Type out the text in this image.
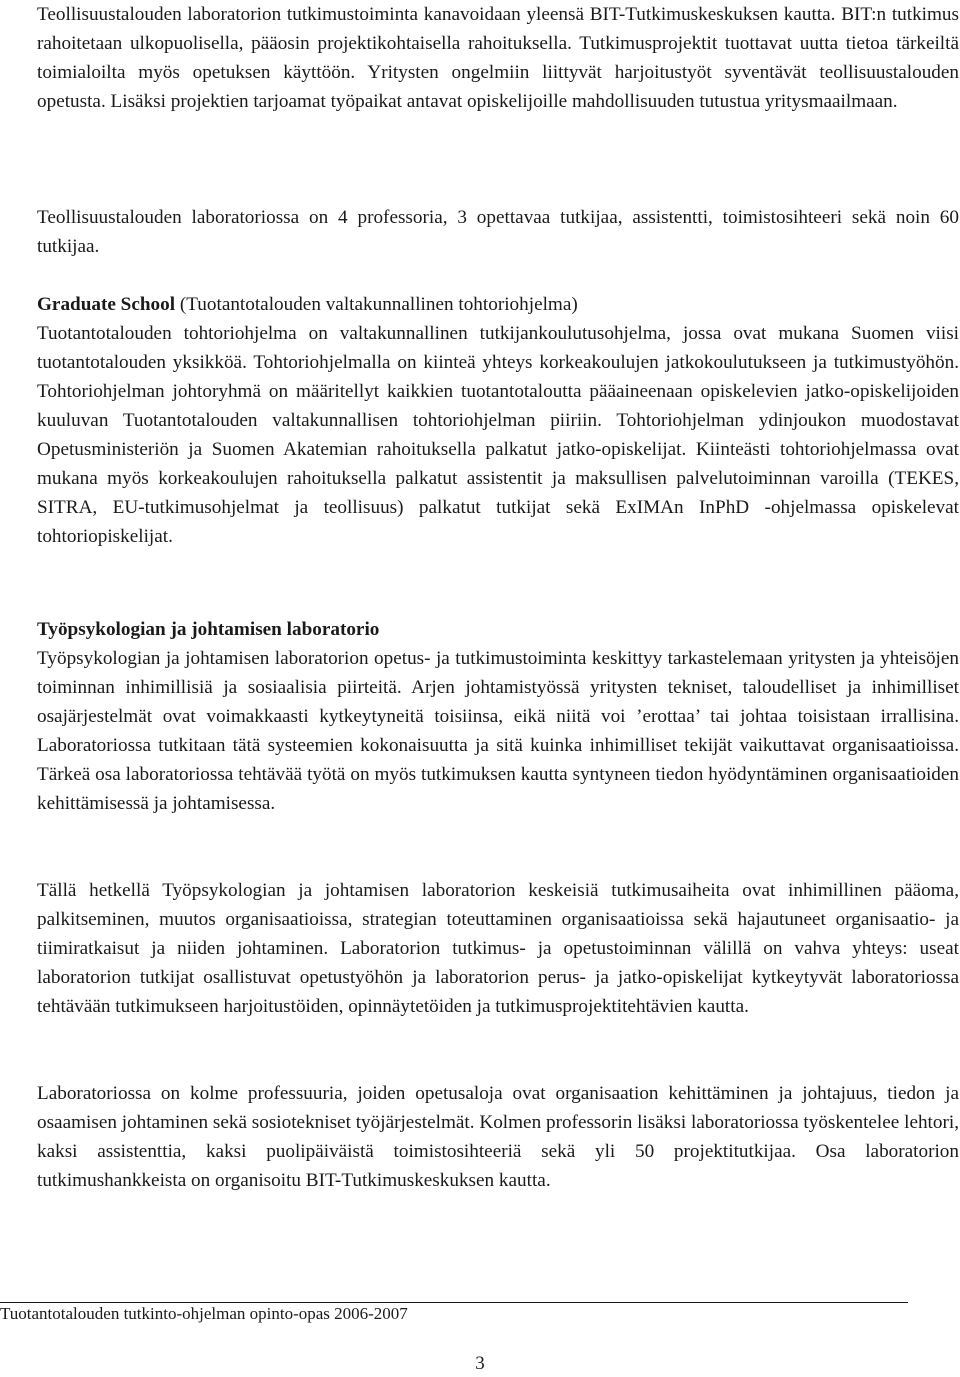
Teollisuustalouden laboratorion tutkimustoiminta kanavoidaan yleensä BIT-Tutkimuskeskuksen kautta. BIT:n tutkimus rahoitetaan ulkopuolisella, pääosin projektikohtaisella rahoituksella. Tutkimusprojektit tuottavat uutta tietoa tärkeiltä toimialoilta myös opetuksen käyttöön. Yritysten ongelmiin liittyvät harjoitustyöt syventävät teollisuustalouden opetusta. Lisäksi projektien tarjoamat työpaikat antavat opiskelijoille mahdollisuuden tutustua yritysmaailmaan.

Teollisuustalouden laboratoriossa on 4 professoria, 3 opettavaa tutkijaa, assistentti, toimistosihteeri sekä noin 60 tutkijaa.

Graduate School (Tuotantotalouden valtakunnallinen tohtoriohjelma)
Tuotantotalouden tohtoriohjelma on valtakunnallinen tutkijankoulutusohjelma, jossa ovat mukana Suomen viisi tuotantotalouden yksikköä. Tohtoriohjelmalla on kiinteä yhteys korkeakoulujen jatkokoulutukseen ja tutkimustyöhön. Tohtoriohjelman johtoryhmä on määritellyt kaikkien tuotantotaloutta pääaineenaan opiskelevien jatko-opiskelijoiden kuuluvan Tuotantotalouden valtakunnallisen tohtoriohjelman piiriin. Tohtoriohjelman ydinjoukon muodostavat Opetusministeriön ja Suomen Akatemian rahoituksella palkatut jatko-opiskelijat. Kiinteästi tohtoriohjelmassa ovat mukana myös korkeakoulujen rahoituksella palkatut assistentit ja maksullisen palvelutoiminnan varoilla (TEKES, SITRA, EU-tutkimusohjelmat ja teollisuus) palkatut tutkijat sekä ExIMAn InPhD -ohjelmassa opiskelevat tohtoriopiskelijat.

Työpsykologian ja johtamisen laboratorio
Työpsykologian ja johtamisen laboratorion opetus- ja tutkimustoiminta keskittyy tarkastelemaan yritysten ja yhteisöjen toiminnan inhimillisiä ja sosiaalisia piirteitä. Arjen johtamistyössä yritysten tekniset, taloudelliset ja inhimilliset osajärjestelmät ovat voimakkaasti kytkeytyneitä toisiinsa, eikä niitä voi ’erottaa’ tai johtaa toisistaan irrallisina. Laboratoriossa tutkitaan tätä systeemien kokonaisuutta ja sitä kuinka inhimilliset tekijät vaikuttavat organisaatioissa. Tärkeä osa laboratoriossa tehtävää työtä on myös tutkimuksen kautta syntyneen tiedon hyödyntäminen organisaatioiden kehittämisessä ja johtamisessa.

Tällä hetkellä Työpsykologian ja johtamisen laboratorion keskeisiä tutkimusaiheita ovat inhimillinen pääoma, palkitseminen, muutos organisaatioissa, strategian toteuttaminen organisaatioissa sekä hajautuneet organisaatio- ja tiimiratkaisut ja niiden johtaminen. Laboratorion tutkimus- ja opetustoiminnan välillä on vahva yhteys: useat laboratorion tutkijat osallistuvat opetustyöhön ja laboratorion perus- ja jatko-opiskelijat kytkeytyvät laboratoriossa tehtävään tutkimukseen harjoitustöiden, opinnäytetöiden ja tutkimusprojektitehtävien kautta.

Laboratoriossa on kolme professuuria, joiden opetusaloja ovat organisaation kehittäminen ja johtajuus, tiedon ja osaamisen johtaminen sekä sosiotekniset työjärjestelmät. Kolmen professorin lisäksi laboratoriossa työskentelee lehtori, kaksi assistenttia, kaksi puolipäiväistä toimistosihteeriä sekä yli 50 projektitutkijaa. Osa laboratorion tutkimushankkeista on organisoitu BIT-Tutkimuskeskuksen kautta.

Tuotantotalouden tutkinto-ohjelman opinto-opas 2006-2007
3
